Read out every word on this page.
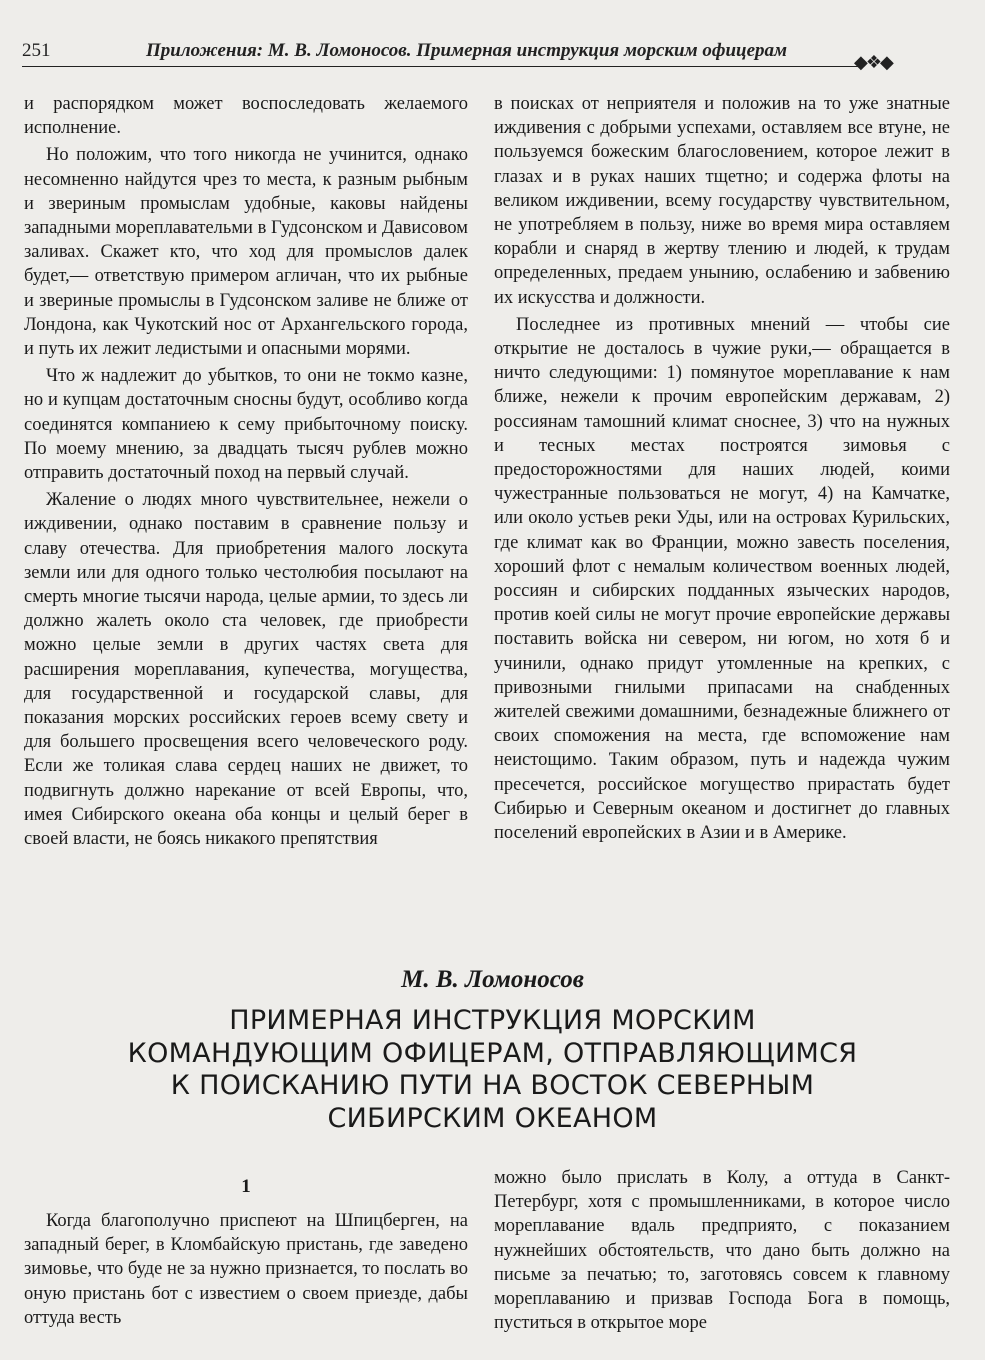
251	Приложения: М. В. Ломоносов. Примерная инструкция морским офицерам
◆❖◆

и распорядком может воспоследовать желаемого исполнение.

Но положим, что того никогда не учинится, однако несомненно найдутся чрез то места, к разным рыбным и звериным промыслам удобные, каковы найдены западными мореплавательми в Гудсонском и Дависовом заливах. Скажет кто, что ход для промыслов далек будет,— ответствую примером агличан, что их рыбные и звериные промыслы в Гудсонском заливе не ближе от Лондона, как Чукотский нос от Архангельского города, и путь их лежит ледистыми и опасными морями.

Что ж надлежит до убытков, то они не токмо казне, но и купцам достаточным сносны будут, особливо когда соединятся компаниею к сему прибыточному поиску. По моему мнению, за двадцать тысяч рублев можно отправить достаточный поход на первый случай.

Жаление о людях много чувствительнее, нежели о иждивении, однако поставим в сравнение пользу и славу отечества. Для приобретения малого лоскута земли или для одного только честолюбия посылают на смерть многие тысячи народа, целые армии, то здесь ли должно жалеть около ста человек, где приобрести можно целые земли в других частях света для расширения мореплавания, купечества, могущества, для государственной и государской славы, для показания морских российских героев всему свету и для большего просвещения всего человеческого роду. Если же толикая слава сердец наших не движет, то подвигнуть должно нарекание от всей Европы, что, имея Сибирского океана оба концы и целый берег в своей власти, не боясь никакого препятствия

в поисках от неприятеля и положив на то уже знатные иждивения с добрыми успехами, оставляем все втуне, не пользуемся божеским благословением, которое лежит в глазах и в руках наших тщетно; и содержа флоты на великом иждивении, всему государству чувствительном, не употребляем в пользу, ниже во время мира оставляем корабли и снаряд в жертву тлению и людей, к трудам определенных, предаем унынию, ослабению и забвению их искусства и должности.

Последнее из противных мнений — чтобы сие открытие не досталось в чужие руки,— обращается в ничто следующими: 1) помянутое мореплавание к нам ближе, нежели к прочим европейским державам, 2) россиянам тамошний климат сноснее, 3) что на нужных и тесных местах построятся зимовья с предосторожностями для наших людей, коими чужестранные пользоваться не могут, 4) на Камчатке, или около устьев реки Уды, или на островах Курильских, где климат как во Франции, можно завесть поселения, хороший флот с немалым количеством военных людей, россиян и сибирских подданных языческих народов, против коей силы не могут прочие европейские державы поставить войска ни севером, ни югом, но хотя б и учинили, однако придут утомленные на крепких, с привозными гнилыми припасами на снабденных жителей свежими домашними, безнадежные ближнего от своих споможения на места, где вспоможение нам неистощимо. Таким образом, путь и надежда чужим пресечется, российское могущество прирастать будет Сибирью и Северным океаном и достигнет до главных поселений европейских в Азии и в Америке.

М. В. Ломоносов
ПРИМЕРНАЯ ИНСТРУКЦИЯ МОРСКИМ
КОМАНДУЮЩИМ ОФИЦЕРАМ, ОТПРАВЛЯЮЩИМСЯ
К ПОИСКАНИЮ ПУТИ НА ВОСТОК СЕВЕРНЫМ
СИБИРСКИМ ОКЕАНОМ
1

Когда благополучно приспеют на Шпицберген, на западный берег, в Кломбайскую пристань, где заведено зимовье, что буде не за нужно признается, то послать во оную пристань бот с известием о своем приезде, дабы оттуда весть

можно было прислать в Колу, а оттуда в Санкт-Петербург, хотя с промышленниками, в которое число мореплавание вдаль предприято, с показанием нужнейших обстоятельств, что дано быть должно на письме за печатью; то, заготовясь совсем к главному мореплаванию и призвав Господа Бога в помощь, пуститься в открытое море
